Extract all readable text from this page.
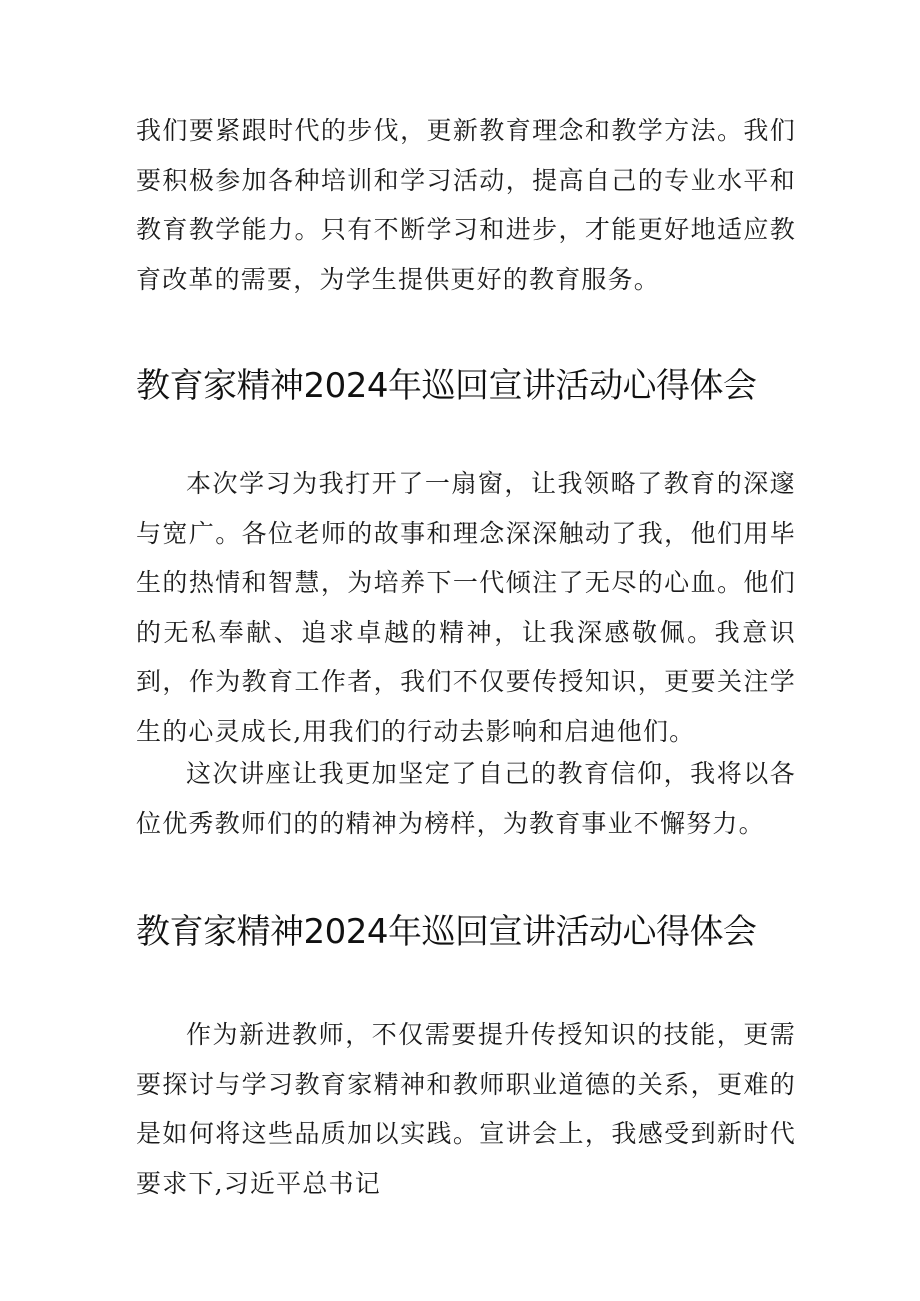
我们要紧跟时代的步伐，更新教育理念和教学方法。我们要积极参加各种培训和学习活动，提高自己的专业水平和教育教学能力。只有不断学习和进步，才能更好地适应教育改革的需要，为学生提供更好的教育服务。

教育家精神2024年巡回宣讲活动心得体会

本次学习为我打开了一扇窗，让我领略了教育的深邃与宽广。各位老师的故事和理念深深触动了我，他们用毕生的热情和智慧，为培养下一代倾注了无尽的心血。他们的无私奉献、追求卓越的精神，让我深感敬佩。我意识到，作为教育工作者，我们不仅要传授知识，更要关注学生的心灵成长,用我们的行动去影响和启迪他们。

这次讲座让我更加坚定了自己的教育信仰，我将以各位优秀教师们的的精神为榜样，为教育事业不懈努力。

教育家精神2024年巡回宣讲活动心得体会

作为新进教师，不仅需要提升传授知识的技能，更需要探讨与学习教育家精神和教师职业道德的关系，更难的是如何将这些品质加以实践。宣讲会上，我感受到新时代要求下,习近平总书记
